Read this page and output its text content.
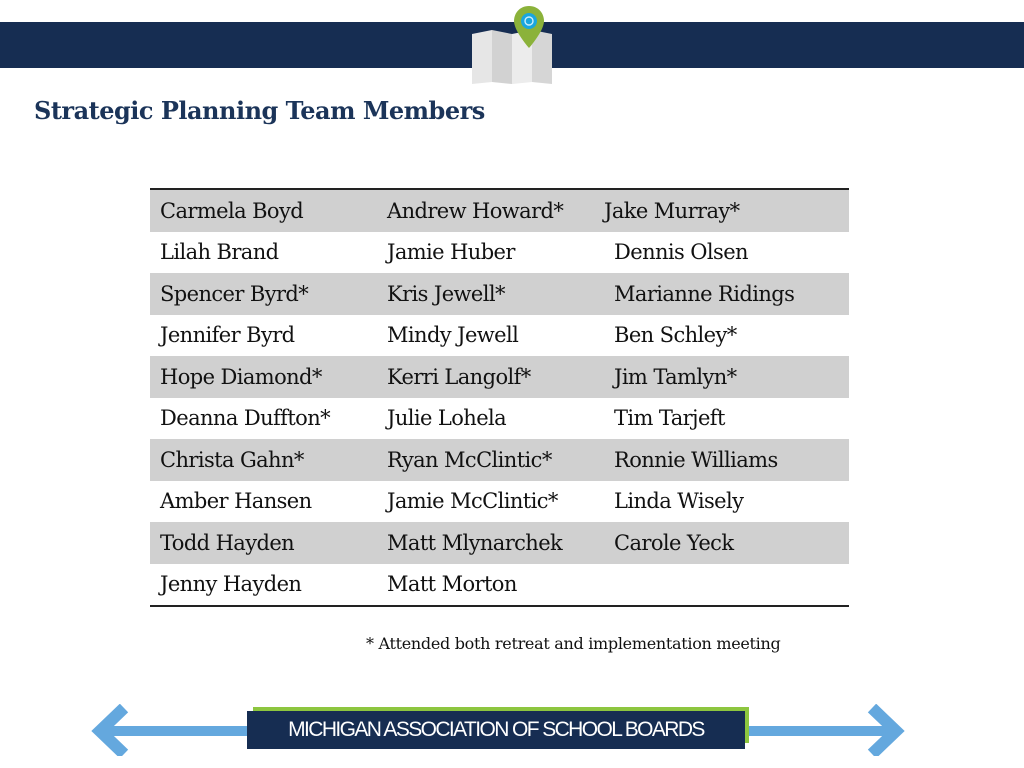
Strategic Planning Team Members
Carmela Boyd	Andrew Howard*	Jake Murray*
Lilah Brand	Jamie Huber	Dennis Olsen
Spencer Byrd*	Kris Jewell*	Marianne Ridings
Jennifer Byrd	Mindy Jewell	Ben Schley*
Hope Diamond*	Kerri Langolf*	Jim Tamlyn*
Deanna Duffton*	Julie Lohela	Tim Tarjeft
Christa Gahn*	Ryan McClintic*	Ronnie Williams
Amber Hansen	Jamie McClintic*	Linda Wisely
Todd Hayden	Matt Mlynarchek	Carole Yeck
Jenny Hayden	Matt Morton	
* Attended both retreat and implementation meeting
MICHIGAN ASSOCIATION OF SCHOOL BOARDS
